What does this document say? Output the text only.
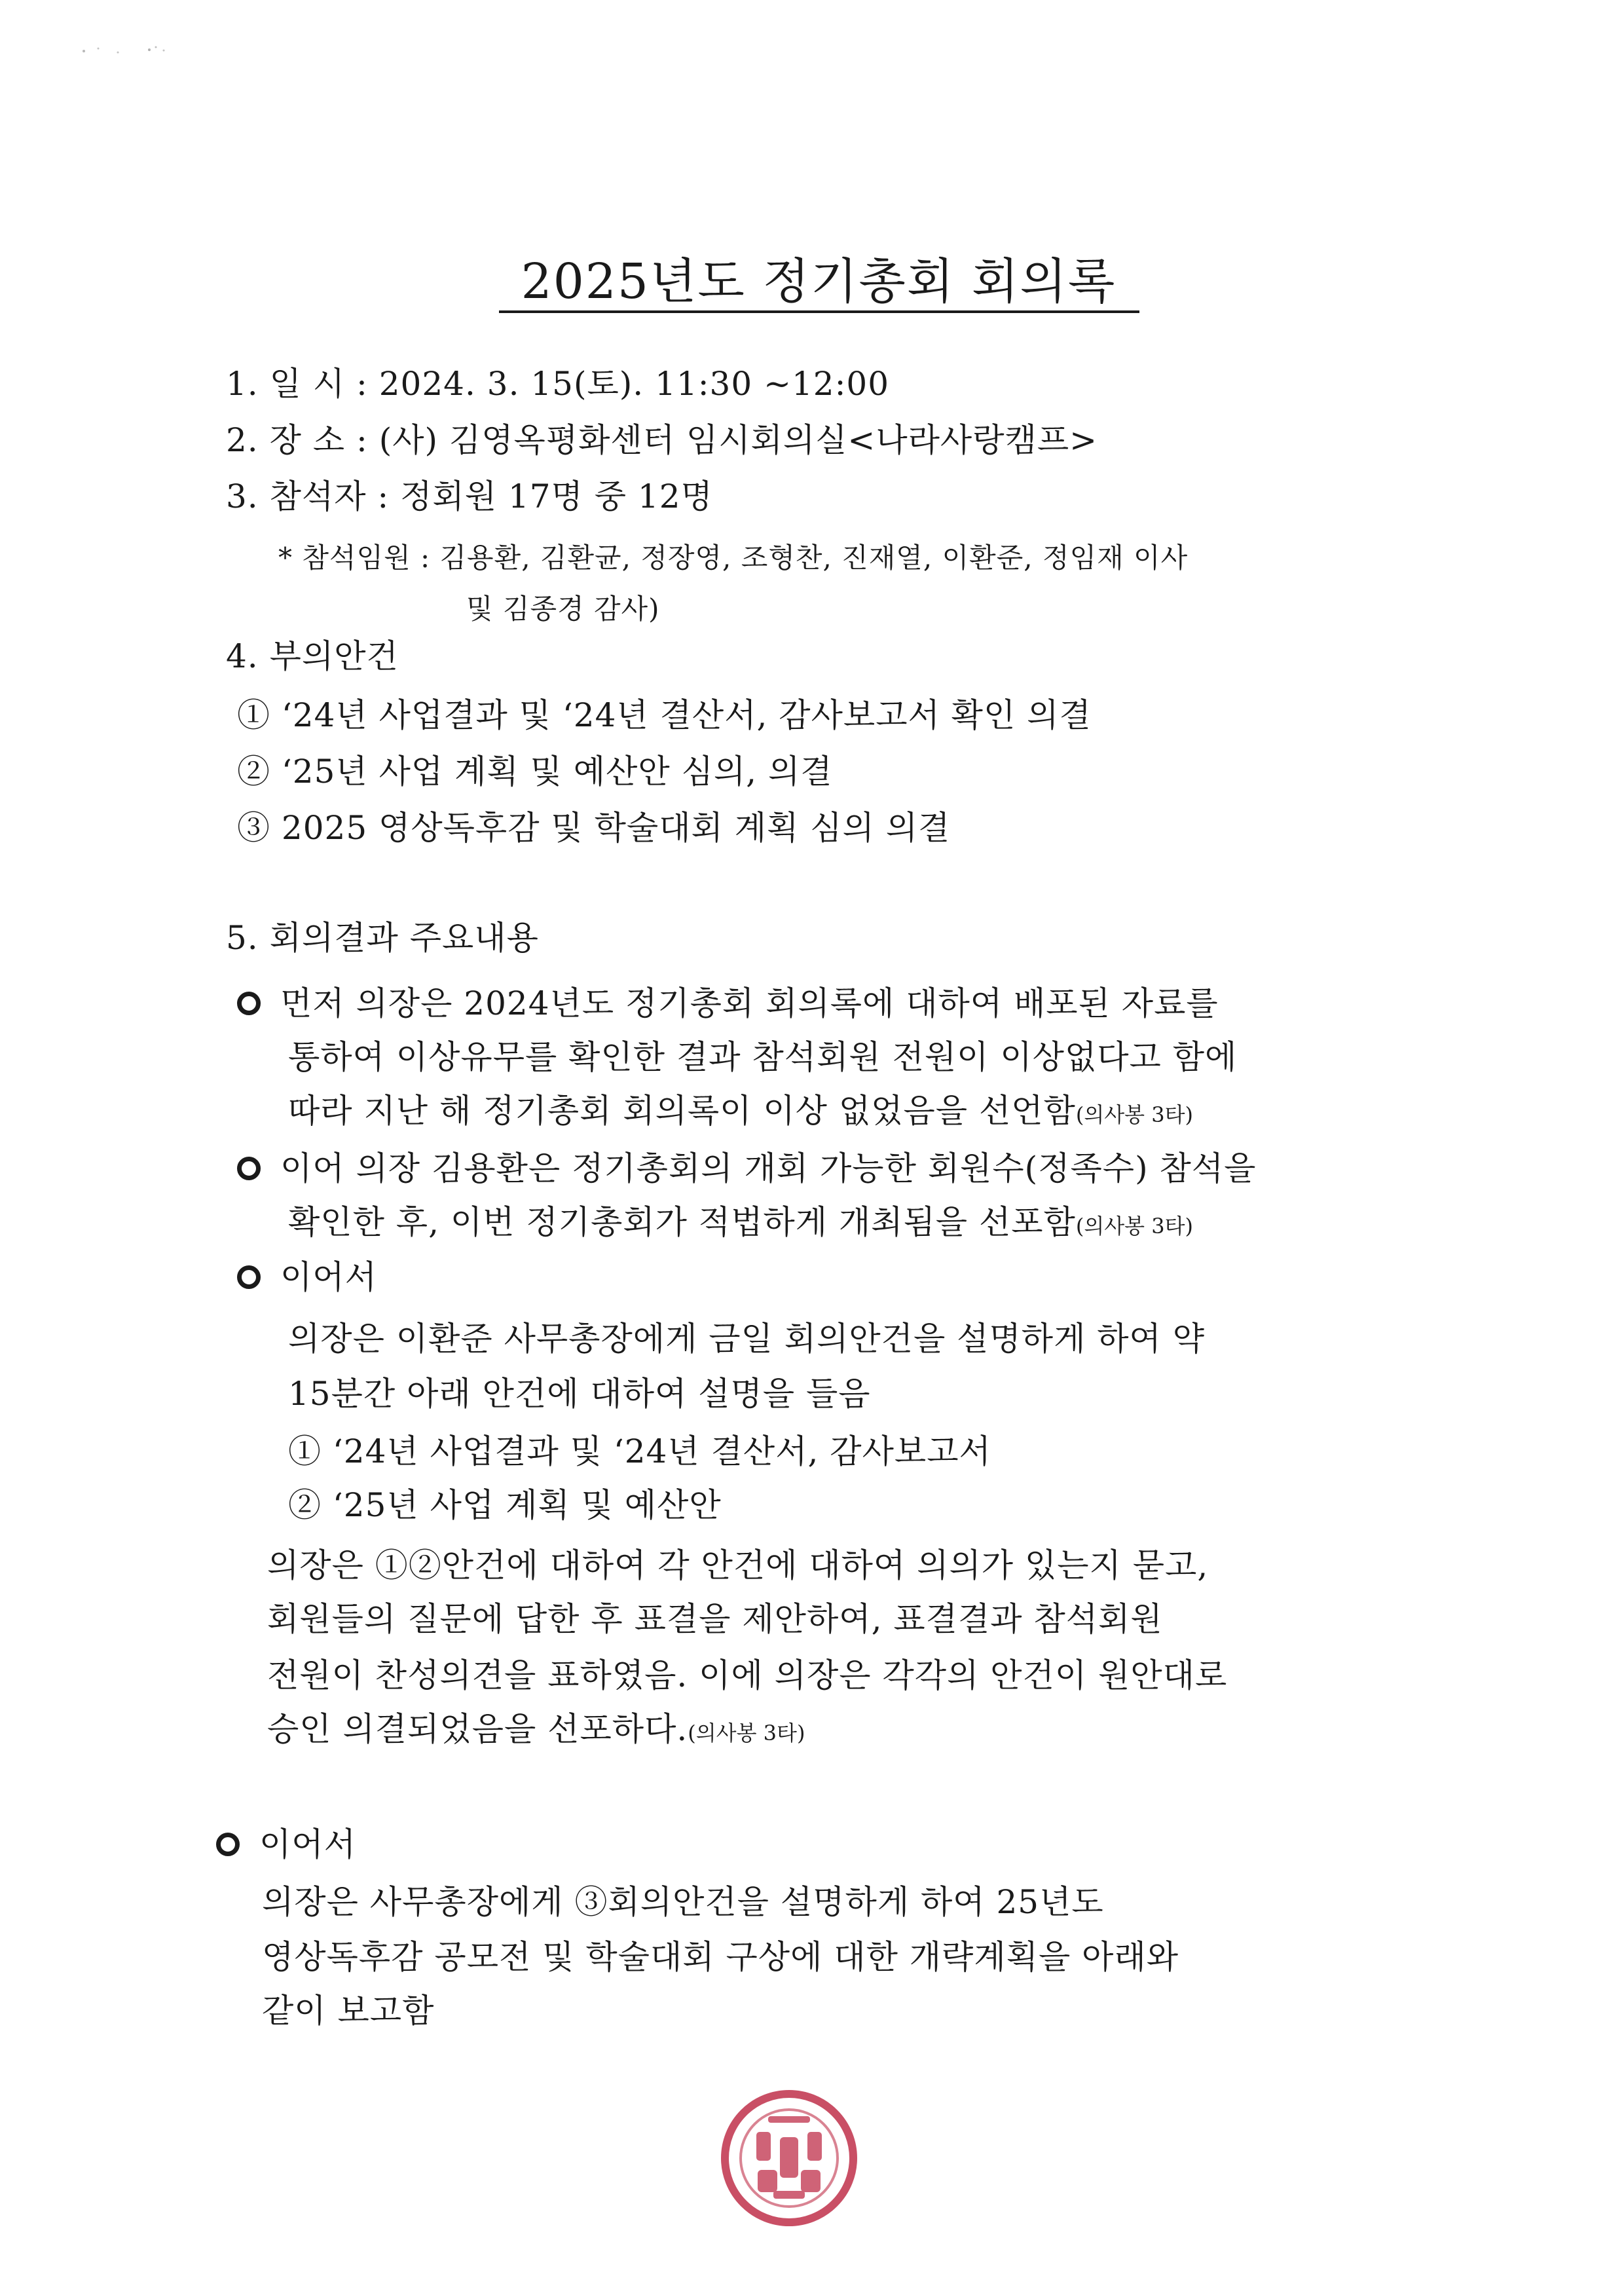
2025년도 정기총회 회의록
1. 일 시 : 2024. 3. 15(토). 11:30 ~12:00
2. 장 소 : (사) 김영옥평화센터 임시회의실<나라사랑캠프>
3. 참석자 : 정회원 17명 중 12명
* 참석임원 : 김용환, 김환균, 정장영, 조형찬, 진재열, 이환준, 정임재 이사
및 김종경 감사)
4. 부의안건
① ‘24년 사업결과 및 ‘24년 결산서, 감사보고서 확인 의결
② ‘25년 사업 계획 및 예산안 심의, 의결
③ 2025 영상독후감 및 학술대회 계획 심의 의결
5. 회의결과 주요내용
먼저 의장은 2024년도 정기총회 회의록에 대하여 배포된 자료를
통하여 이상유무를 확인한 결과 참석회원 전원이 이상없다고 함에
따라 지난 해 정기총회 회의록이 이상 없었음을 선언함(의사봉 3타)
이어 의장 김용환은 정기총회의 개회 가능한 회원수(정족수) 참석을
확인한 후, 이번 정기총회가 적법하게 개최됨을 선포함(의사봉 3타)
이어서
의장은 이환준 사무총장에게 금일 회의안건을 설명하게 하여 약
15분간 아래 안건에 대하여 설명을 들음
① ‘24년 사업결과 및 ‘24년 결산서, 감사보고서
② ‘25년 사업 계획 및 예산안
의장은 ①②안건에 대하여 각 안건에 대하여 의의가 있는지 묻고,
회원들의 질문에 답한 후 표결을 제안하여, 표결결과 참석회원
전원이 찬성의견을 표하였음. 이에 의장은 각각의 안건이 원안대로
승인 의결되었음을 선포하다.(의사봉 3타)
이어서
의장은 사무총장에게 ③회의안건을 설명하게 하여 25년도
영상독후감 공모전 및 학술대회 구상에 대한 개략계획을 아래와
같이 보고함
